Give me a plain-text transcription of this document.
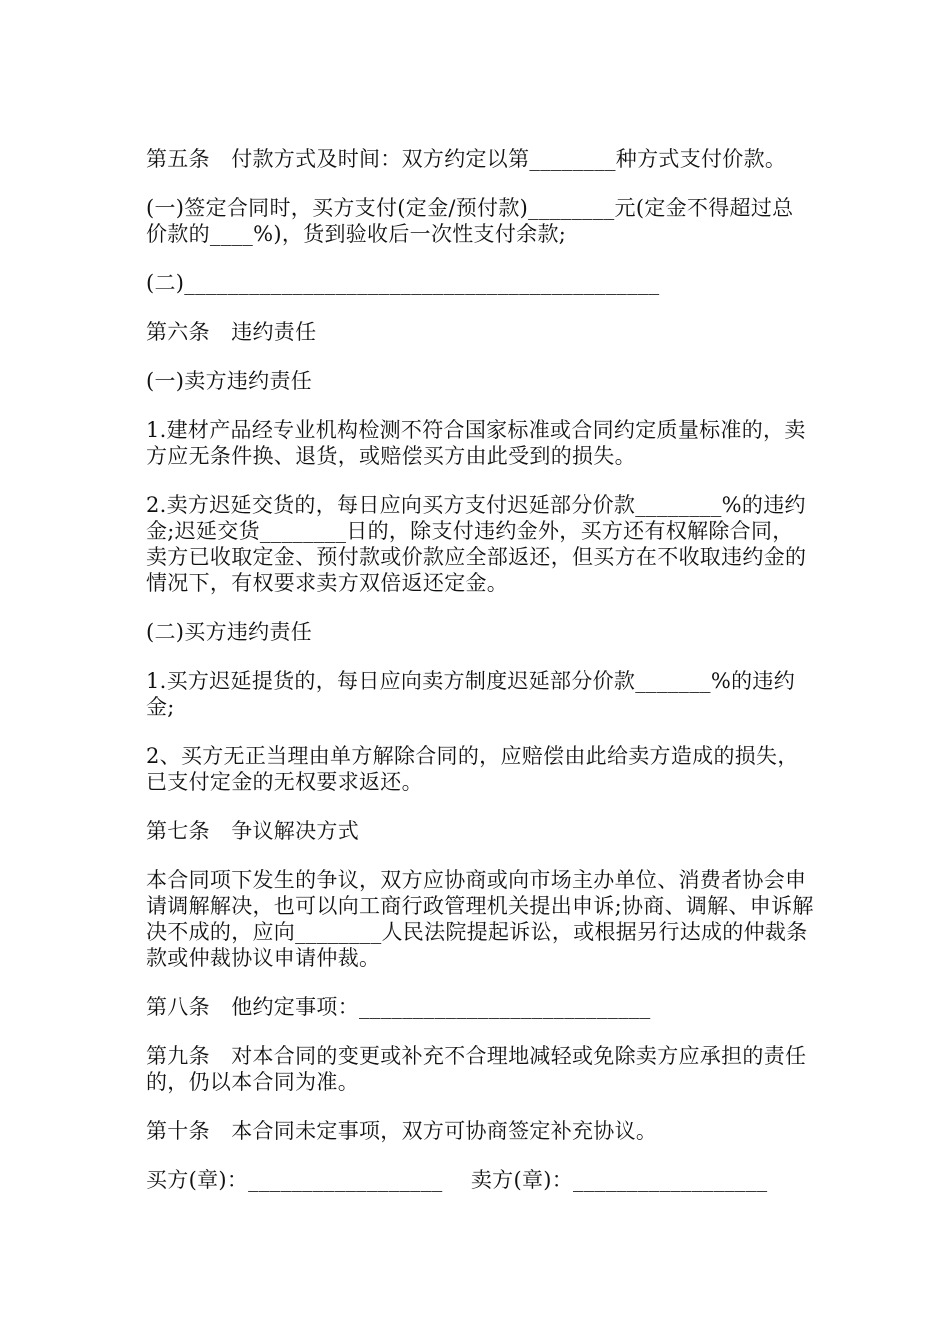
第五条　付款方式及时间：双方约定以第________种方式支付价款。

(一)签定合同时，买方支付(定金/预付款)________元(定金不得超过总价款的____%)，货到验收后一次性支付余款;

(二)____________________________________________

第六条　违约责任

(一)卖方违约责任

1.建材产品经专业机构检测不符合国家标准或合同约定质量标准的，卖方应无条件换、退货，或赔偿买方由此受到的损失。

2.卖方迟延交货的，每日应向买方支付迟延部分价款________%的违约金;迟延交货________日的，除支付违约金外，买方还有权解除合同，卖方已收取定金、预付款或价款应全部返还，但买方在不收取违约金的情况下，有权要求卖方双倍返还定金。

(二)买方违约责任

1.买方迟延提货的，每日应向卖方制度迟延部分价款_______%的违约金;

2、买方无正当理由单方解除合同的，应赔偿由此给卖方造成的损失，已支付定金的无权要求返还。

第七条　争议解决方式

本合同项下发生的争议，双方应协商或向市场主办单位、消费者协会申请调解解决，也可以向工商行政管理机关提出申诉;协商、调解、申诉解决不成的，应向________人民法院提起诉讼，或根据另行达成的仲裁条款或仲裁协议申请仲裁。

第八条　他约定事项：___________________________

第九条　对本合同的变更或补充不合理地减轻或免除卖方应承担的责任的，仍以本合同为准。

第十条　本合同未定事项，双方可协商签定补充协议。

买方(章)：__________________　 卖方(章)：__________________
